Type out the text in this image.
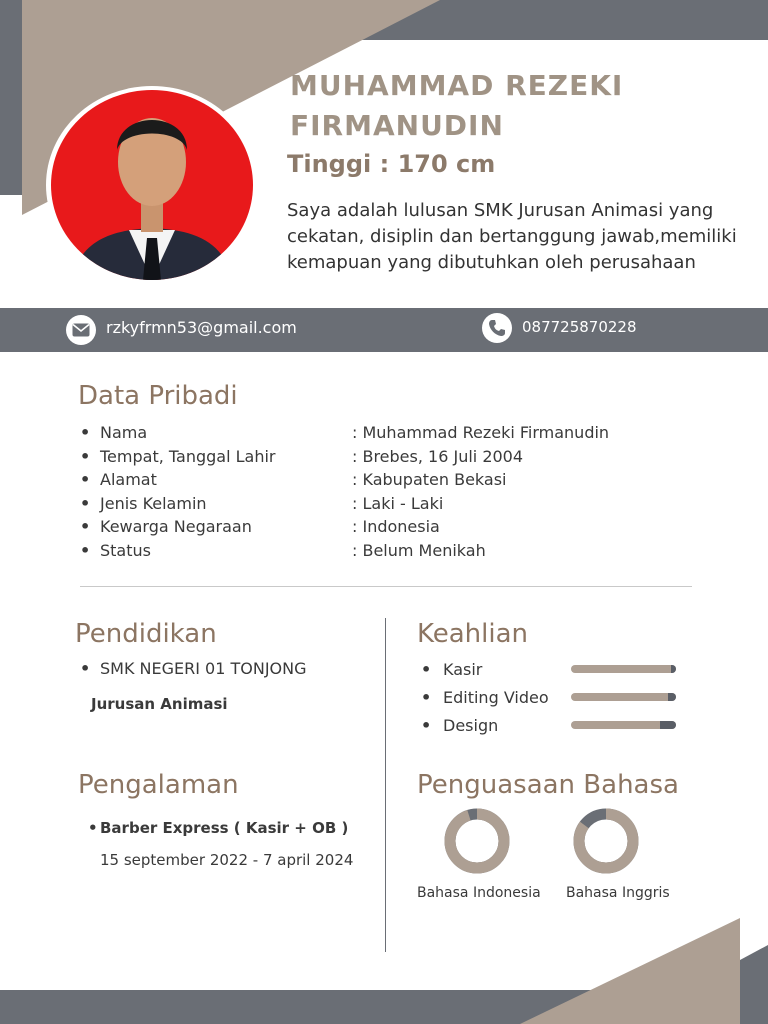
MUHAMMAD REZEKI FIRMANUDIN
Tinggi : 170 cm
Saya adalah lulusan SMK Jurusan Animasi yang cekatan, disiplin dan bertanggung jawab,memiliki kemapuan yang dibutuhkan oleh perusahaan
rzkyfrmn53@gmail.com	087725870228
Data Pribadi
• Nama	: Muhammad Rezeki Firmanudin
• Tempat, Tanggal Lahir	: Brebes, 16 Juli 2004
• Alamat	: Kabupaten Bekasi
• Jenis Kelamin	: Laki - Laki
• Kewarga Negaraan	: Indonesia
• Status	: Belum Menikah
Pendidikan
• SMK NEGERI 01 TONJONG
Jurusan Animasi
Pengalaman
• Barber Express ( Kasir + OB )
15 september 2022 - 7 april 2024
Keahlian
• Kasir
• Editing Video
• Design
Penguasaan Bahasa
Bahasa Indonesia Bahasa Inggris
